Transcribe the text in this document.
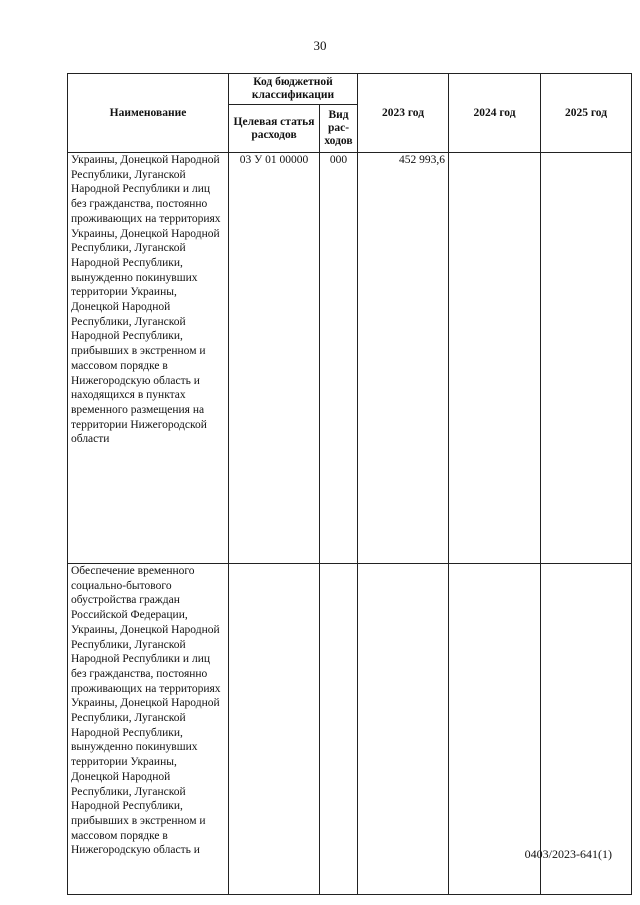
30
Наименование	Код бюджетной классификации		2023 год	2024 год	2025 год
	Целевая статья расходов	Вид рас-ходов			

Украины, Донецкой Народной Республики, Луганской Народной Республики и лиц без гражданства, постоянно проживающих на территориях Украины, Донецкой Народной Республики, Луганской Народной Республики, вынужденно покинувших территории Украины, Донецкой Народной Республики, Луганской Народной Республики, прибывших в экстренном и массовом порядке в Нижегородскую область и находящихся в пунктах временного размещения на территории Нижегородской области	03 У 01 00000	000	452 993,6		

Обеспечение временного социально-бытового обустройства граждан Российской Федерации, Украины, Донецкой Народной Республики, Луганской Народной Республики и лиц без гражданства, постоянно проживающих на территориях Украины, Донецкой Народной Республики, Луганской Народной Республики, вынужденно покинувших территории Украины, Донецкой Народной Республики, Луганской Народной Республики, прибывших в экстренном и массовом порядке в Нижегородскую область и					
						0403/2023-641(1)
